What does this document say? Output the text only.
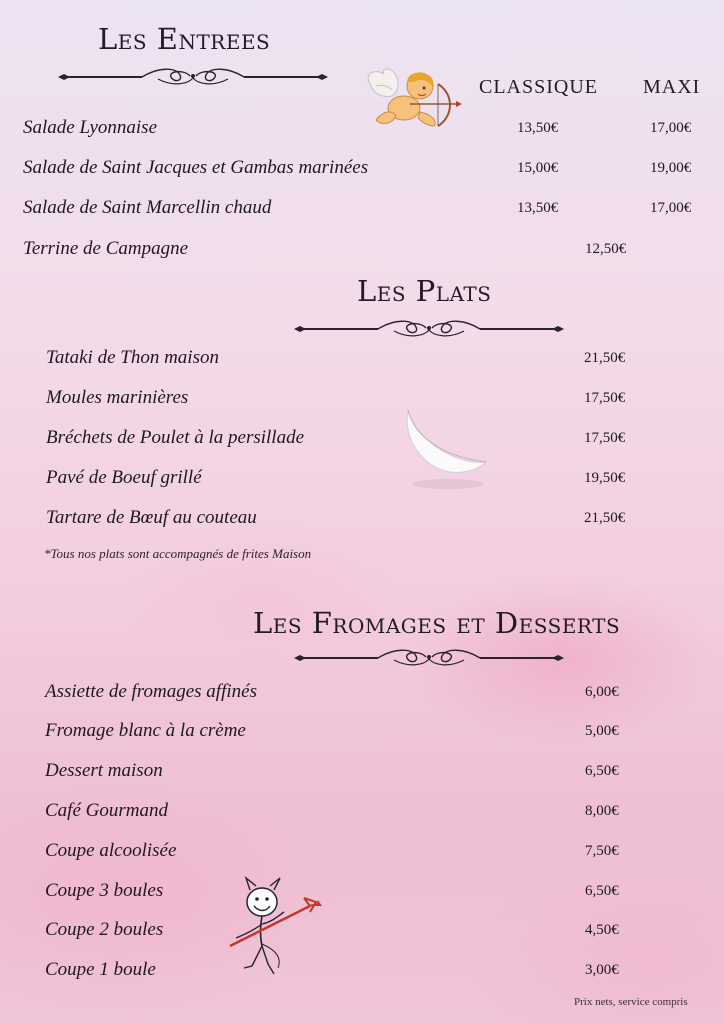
Les Entrees
CLASSIQUE MAXI
Salade Lyonnaise	13,50€	17,00€
Salade de Saint Jacques et Gambas marinées	15,00€	19,00€
Salade de Saint Marcellin chaud	13,50€	17,00€
Terrine de Campagne	12,50€
Les Plats
Tataki de Thon maison	21,50€
Moules marinières	17,50€
Bréchets de Poulet à la persillade	17,50€
Pavé de Boeuf grillé	19,50€
Tartare de Bœuf au couteau	21,50€
*Tous nos plats sont accompagnés de frites Maison
Les Fromages et Desserts
Assiette de fromages affinés	6,00€
Fromage blanc à la crème	5,00€
Dessert maison	6,50€
Café Gourmand	8,00€
Coupe alcoolisée	7,50€
Coupe 3 boules	6,50€
Coupe 2 boules	4,50€
Coupe 1 boule	3,00€
Prix nets, service compris
